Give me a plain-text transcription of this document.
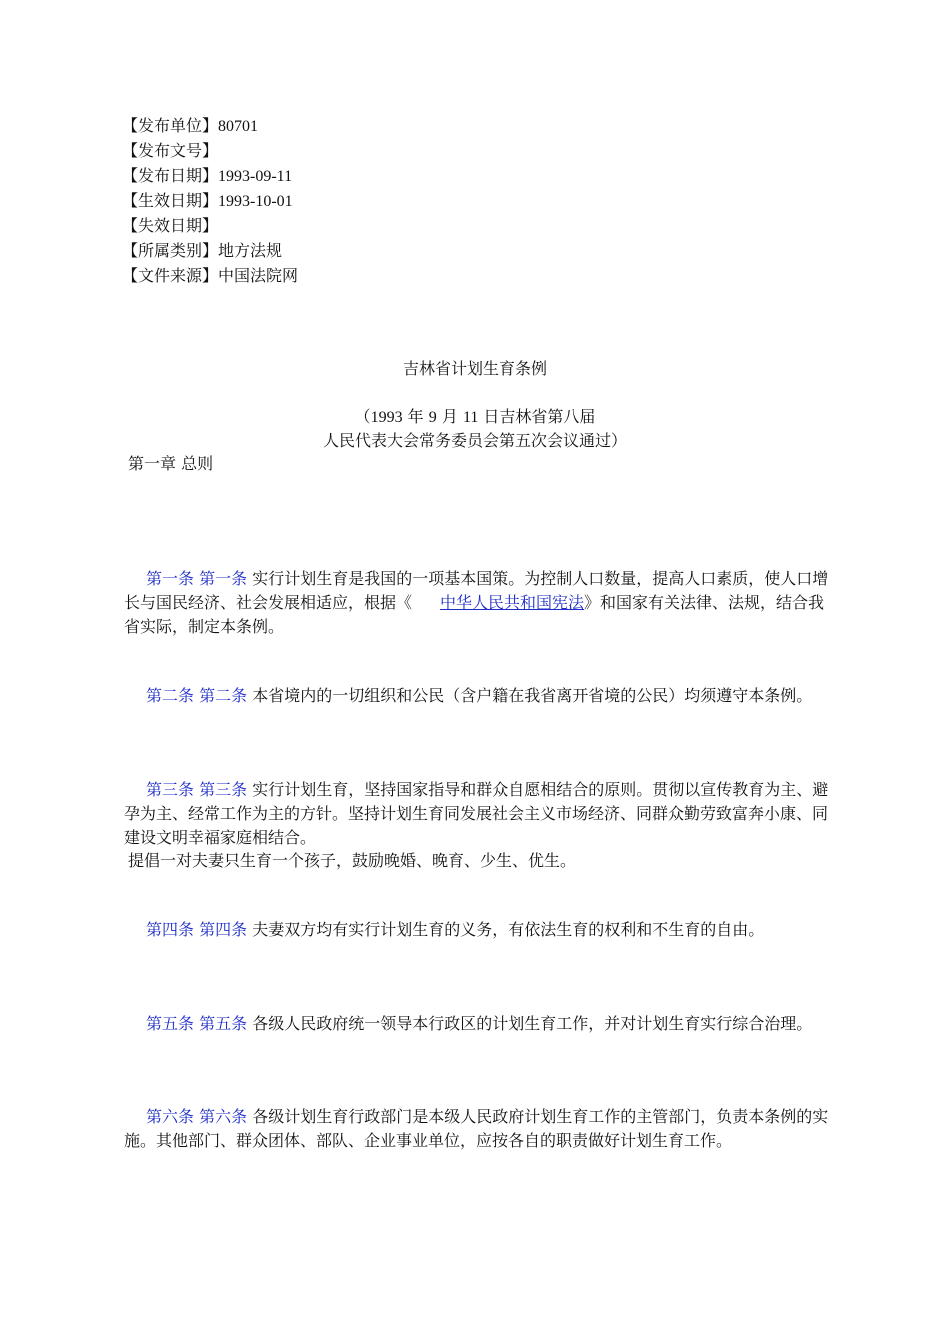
【发布单位】80701
【发布文号】
【发布日期】1993-09-11
【生效日期】1993-10-01
【失效日期】
【所属类别】地方法规
【文件来源】中国法院网
吉林省计划生育条例
（1993 年 9 月 11 日吉林省第八届
人民代表大会常务委员会第五次会议通过）
第一章 总则

第一条 第一条 实行计划生育是我国的一项基本国策。为控制人口数量，提高人口素质，使人口增长与国民经济、社会发展相适应，根据《 中华人民共和国宪法》和国家有关法律、法规，结合我省实际，制定本条例。

第二条 第二条 本省境内的一切组织和公民（含户籍在我省离开省境的公民）均须遵守本条例。

第三条 第三条 实行计划生育，坚持国家指导和群众自愿相结合的原则。贯彻以宣传教育为主、避孕为主、经常工作为主的方针。坚持计划生育同发展社会主义市场经济、同群众勤劳致富奔小康、同建设文明幸福家庭相结合。

提倡一对夫妻只生育一个孩子，鼓励晚婚、晚育、少生、优生。

第四条 第四条 夫妻双方均有实行计划生育的义务，有依法生育的权利和不生育的自由。

第五条 第五条 各级人民政府统一领导本行政区的计划生育工作，并对计划生育实行综合治理。

第六条 第六条 各级计划生育行政部门是本级人民政府计划生育工作的主管部门，负责本条例的实施。其他部门、群众团体、部队、企业事业单位，应按各自的职责做好计划生育工作。
